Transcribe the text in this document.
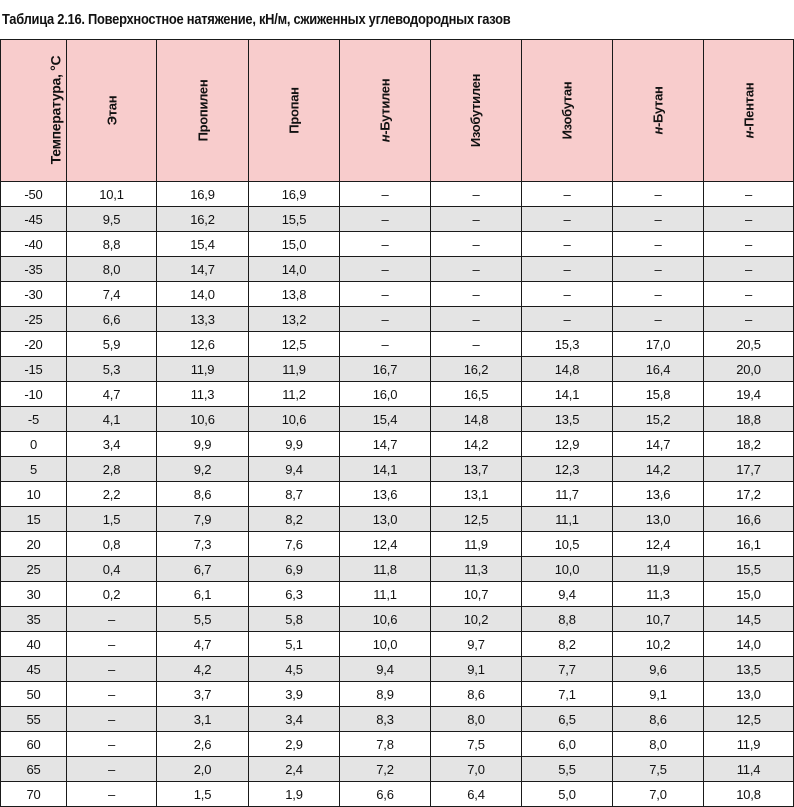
Таблица 2.16. Поверхностное натяжение, кН/м, сжиженных углеводородных газов
Температура, °С	Этан	Пропилен	Пропан	н-Бутилен	Изобутилен	Изобутан	н-Бутан	н-Пентан
-50	10,1	16,9	16,9	–	–	–	–	–
-45	9,5	16,2	15,5	–	–	–	–	–
-40	8,8	15,4	15,0	–	–	–	–	–
-35	8,0	14,7	14,0	–	–	–	–	–
-30	7,4	14,0	13,8	–	–	–	–	–
-25	6,6	13,3	13,2	–	–	–	–	–
-20	5,9	12,6	12,5	–	–	15,3	17,0	20,5
-15	5,3	11,9	11,9	16,7	16,2	14,8	16,4	20,0
-10	4,7	11,3	11,2	16,0	16,5	14,1	15,8	19,4
-5	4,1	10,6	10,6	15,4	14,8	13,5	15,2	18,8
0	3,4	9,9	9,9	14,7	14,2	12,9	14,7	18,2
5	2,8	9,2	9,4	14,1	13,7	12,3	14,2	17,7
10	2,2	8,6	8,7	13,6	13,1	11,7	13,6	17,2
15	1,5	7,9	8,2	13,0	12,5	11,1	13,0	16,6
20	0,8	7,3	7,6	12,4	11,9	10,5	12,4	16,1
25	0,4	6,7	6,9	11,8	11,3	10,0	11,9	15,5
30	0,2	6,1	6,3	11,1	10,7	9,4	11,3	15,0
35	–	5,5	5,8	10,6	10,2	8,8	10,7	14,5
40	–	4,7	5,1	10,0	9,7	8,2	10,2	14,0
45	–	4,2	4,5	9,4	9,1	7,7	9,6	13,5
50	–	3,7	3,9	8,9	8,6	7,1	9,1	13,0
55	–	3,1	3,4	8,3	8,0	6,5	8,6	12,5
60	–	2,6	2,9	7,8	7,5	6,0	8,0	11,9
65	–	2,0	2,4	7,2	7,0	5,5	7,5	11,4
70	–	1,5	1,9	6,6	6,4	5,0	7,0	10,8
